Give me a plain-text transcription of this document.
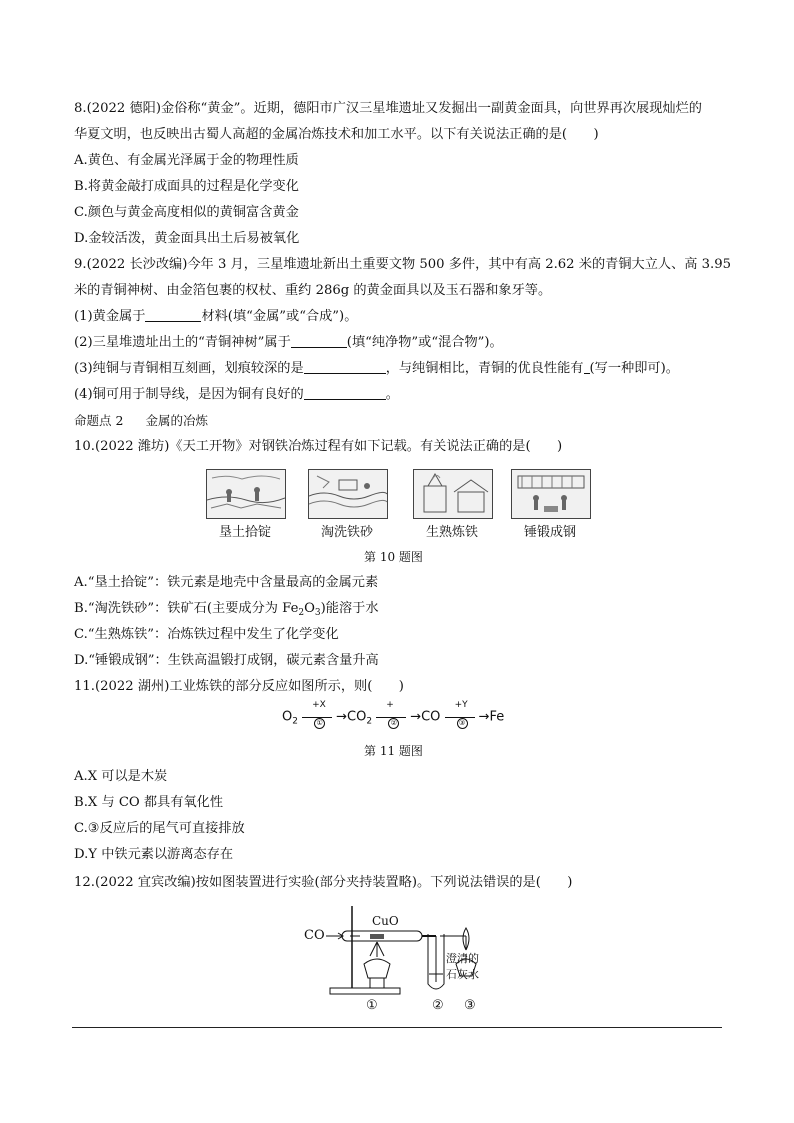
8.(2022 德阳)金俗称“黄金”。近期，德阳市广汉三星堆遗址又发掘出一副黄金面具，向世界再次展现灿烂的
华夏文明，也反映出古蜀人高超的金属冶炼技术和加工水平。以下有关说法正确的是(　　)
A.黄色、有金属光泽属于金的物理性质
B.将黄金敲打成面具的过程是化学变化
C.颜色与黄金高度相似的黄铜富含黄金
D.金较活泼，黄金面具出土后易被氧化
9.(2022 长沙改编)今年 3 月，三星堆遗址新出土重要文物 500 多件，其中有高 2.62 米的青铜大立人、高 3.95
米的青铜神树、由金箔包裹的权杖、重约 286g 的黄金面具以及玉石器和象牙等。
(1)黄金属于	材料(填“金属”或“合成”)。
(2)三星堆遗址出土的“青铜神树”属于	(填“纯净物”或“混合物”)。
(3)纯铜与青铜相互刻画，划痕较深的是	，与纯铜相比，青铜的优良性能有 (写一种即可)。
(4)铜可用于制导线，是因为铜有良好的	。
命题点 2 金属的冶炼
10.(2022 潍坊)《天工开物》对钢铁冶炼过程有如下记载。有关说法正确的是(　　)
垦土拾锭	淘洗铁砂	生熟炼铁	锤锻成钢
第 10 题图
A.“垦土拾锭”：铁元素是地壳中含量最高的金属元素
B.“淘洗铁砂”：铁矿石(主要成分为 $Fe_2O_3$)能溶于水
C.“生熟炼铁”：冶炼铁过程中发生了化学变化
D.“锤锻成钢”：生铁高温锻打成钢，碳元素含量升高
11.(2022 湖州)工业炼铁的部分反应如图所示，则(　　)
$O_2$
+X
① $\to CO_2$
+
② →CO
+Y
③ →Fe
第 11 题图
A.X 可以是木炭
B.X 与 CO 都具有氧化性
C.③反应后的尾气可直接排放
D.Y 中铁元素以游离态存在
12.(2022 宜宾改编)按如图装置进行实验(部分夹持装置略)。下列说法错误的是(　　)
CO
CuO
澄清的
石灰水
①	② ③
